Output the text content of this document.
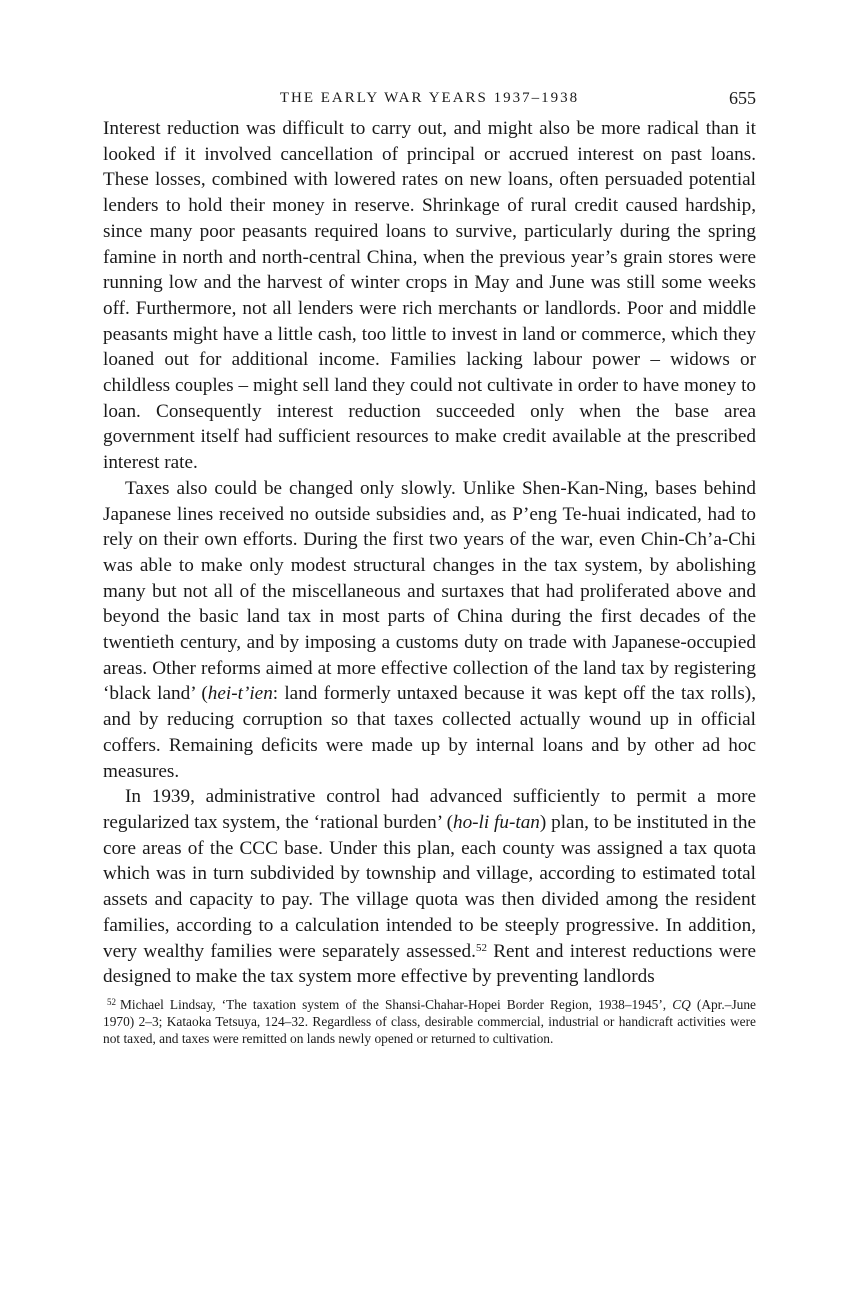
THE EARLY WAR YEARS 1937–1938	655

Interest reduction was difficult to carry out, and might also be more radical than it looked if it involved cancellation of principal or accrued interest on past loans. These losses, combined with lowered rates on new loans, often persuaded potential lenders to hold their money in reserve. Shrinkage of rural credit caused hardship, since many poor peasants required loans to survive, particularly during the spring famine in north and north-central China, when the previous year’s grain stores were running low and the harvest of winter crops in May and June was still some weeks off. Furthermore, not all lenders were rich merchants or landlords. Poor and middle peasants might have a little cash, too little to invest in land or commerce, which they loaned out for additional income. Families lacking labour power – widows or childless couples – might sell land they could not cultivate in order to have money to loan. Consequently interest reduction succeeded only when the base area government itself had sufficient resources to make credit available at the prescribed interest rate.

Taxes also could be changed only slowly. Unlike Shen-Kan-Ning, bases behind Japanese lines received no outside subsidies and, as P’eng Te-huai indicated, had to rely on their own efforts. During the first two years of the war, even Chin-Ch’a-Chi was able to make only modest structural changes in the tax system, by abolishing many but not all of the miscellaneous and surtaxes that had proliferated above and beyond the basic land tax in most parts of China during the first decades of the twentieth century, and by imposing a customs duty on trade with Japanese-occupied areas. Other reforms aimed at more effective collection of the land tax by registering ‘black land’ (hei-t’ien: land formerly untaxed because it was kept off the tax rolls), and by reducing corruption so that taxes collected actually wound up in official coffers. Remaining deficits were made up by internal loans and by other ad hoc measures.

In 1939, administrative control had advanced sufficiently to permit a more regularized tax system, the ‘rational burden’ (ho-li fu-tan) plan, to be instituted in the core areas of the CCC base. Under this plan, each county was assigned a tax quota which was in turn subdivided by township and village, according to estimated total assets and capacity to pay. The village quota was then divided among the resident families, according to a calculation intended to be steeply progressive. In addition, very wealthy families were separately assessed.$^{52}$ Rent and interest reductions were designed to make the tax system more effective by preventing landlords

$^{52}$ Michael Lindsay, ‘The taxation system of the Shansi-Chahar-Hopei Border Region, 1938–1945’, CQ (Apr.–June 1970) 2–3; Kataoka Tetsuya, 124–32. Regardless of class, desirable commercial, industrial or handicraft activities were not taxed, and taxes were remitted on lands newly opened or returned to cultivation.
